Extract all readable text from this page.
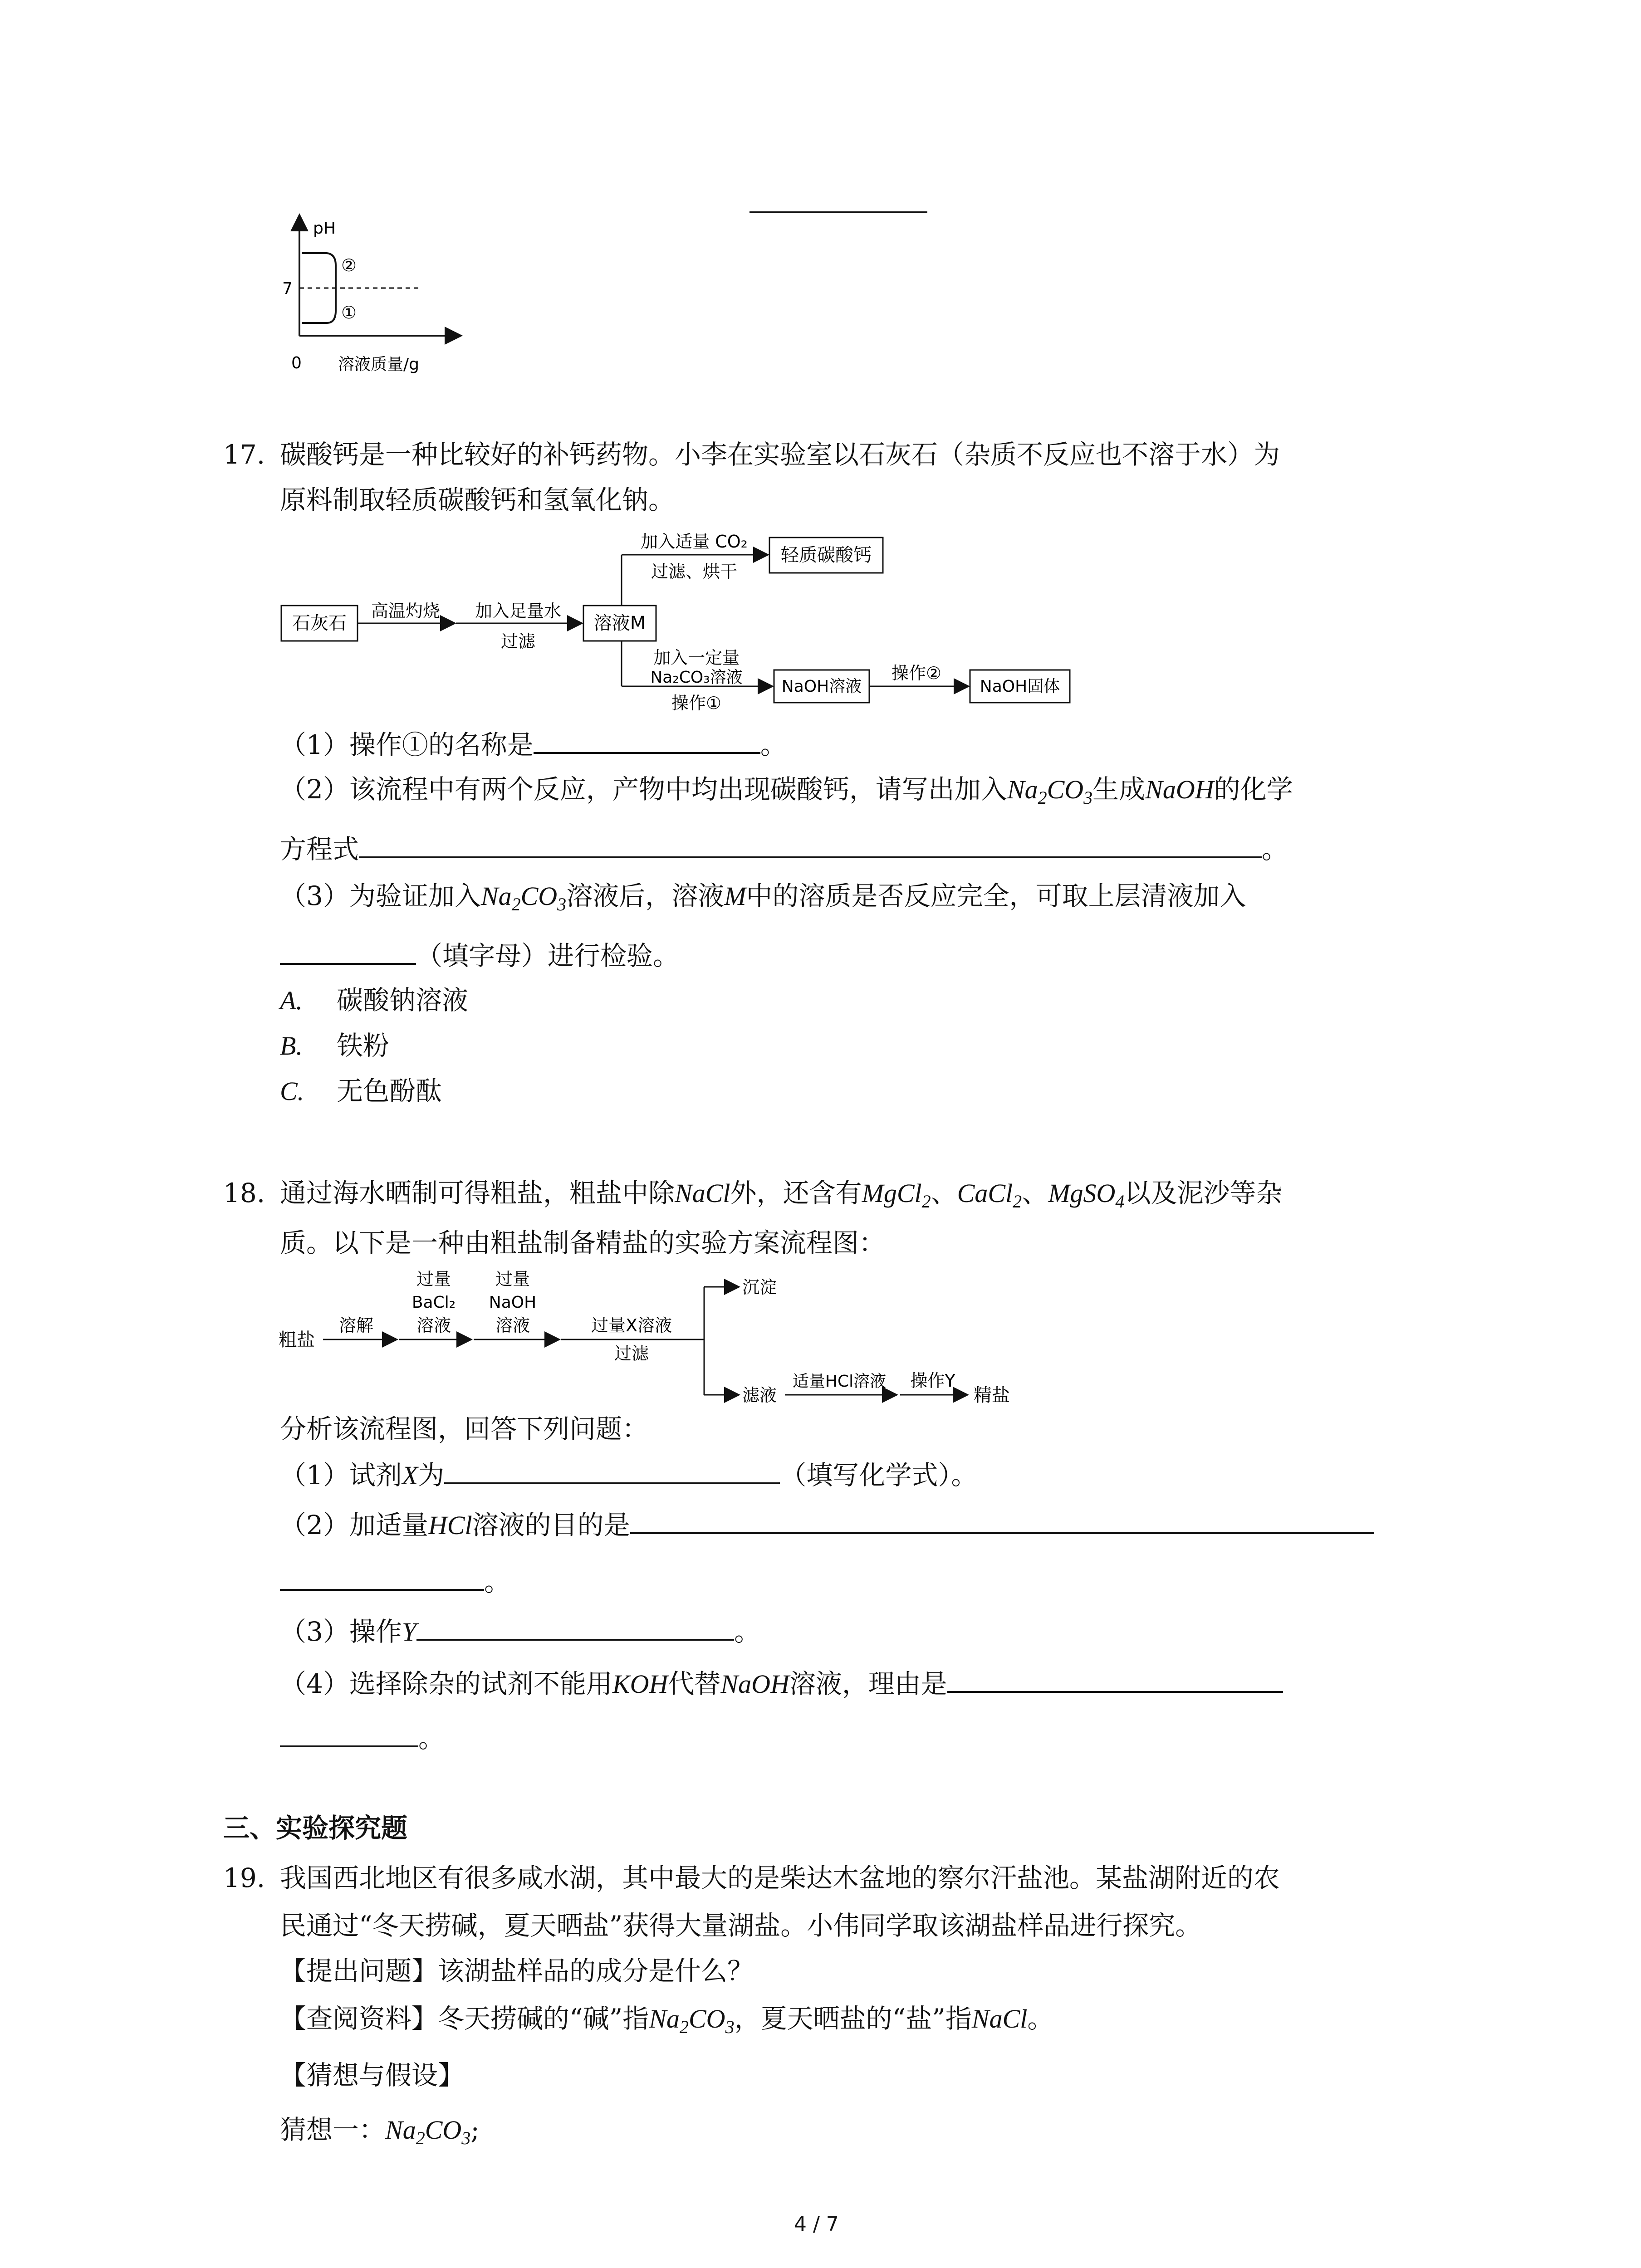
pH
7
0 溶液质量/g
②
①
17. 碳酸钙是一种比较好的补钙药物。小李在实验室以石灰石（杂质不反应也不溶于水）为
原料制取轻质碳酸钙和氢氧化钠。
石灰石
高温灼烧 加入足量水
过滤
溶液M
加入适量 CO₂
过滤、烘干
轻质碳酸钙
加入一定量
Na₂CO₃溶液
操作①
NaOH溶液
操作②
NaOH固体
（1）操作①的名称是	。
（2）该流程中有两个反应，产物中均出现碳酸钙，请写出加入$Na_2CO_3$生成NaOH的化学
方程式	。
（3）为验证加入$Na_2CO_3$溶液后，溶液M中的溶质是否反应完全，可取上层清液加入
（填字母）进行检验。
A. 碳酸钠溶液
B. 铁粉
C. 无色酚酞
18. 通过海水晒制可得粗盐，粗盐中除NaCl外，还含有MgCl$_2$、CaCl$_2$、MgSO$_4$以及泥沙等杂
质。以下是一种由粗盐制备精盐的实验方案流程图：
粗盐
溶解
过量
BaCl₂
溶液
过量
NaOH
溶液	过量X溶液
过滤
沉淀
滤液
适量HCl溶液 操作Y
精盐
分析该流程图，回答下列问题：
（1）试剂X为	（填写化学式）。
（2）加适量HCl溶液的目的是
。
（3）操作Y	。
（4）选择除杂的试剂不能用KOH代替NaOH溶液，理由是
。
三、实验探究题
19. 我国西北地区有很多咸水湖，其中最大的是柴达木盆地的察尔汗盐池。某盐湖附近的农
民通过“冬天捞碱，夏天晒盐”获得大量湖盐。小伟同学取该湖盐样品进行探究。
【提出问题】该湖盐样品的成分是什么？
【查阅资料】冬天捞碱的“碱”指$Na_2CO_3$，夏天晒盐的“盐”指NaCl。
【猜想与假设】
猜想一：$Na_2CO_3$;
4 / 7
